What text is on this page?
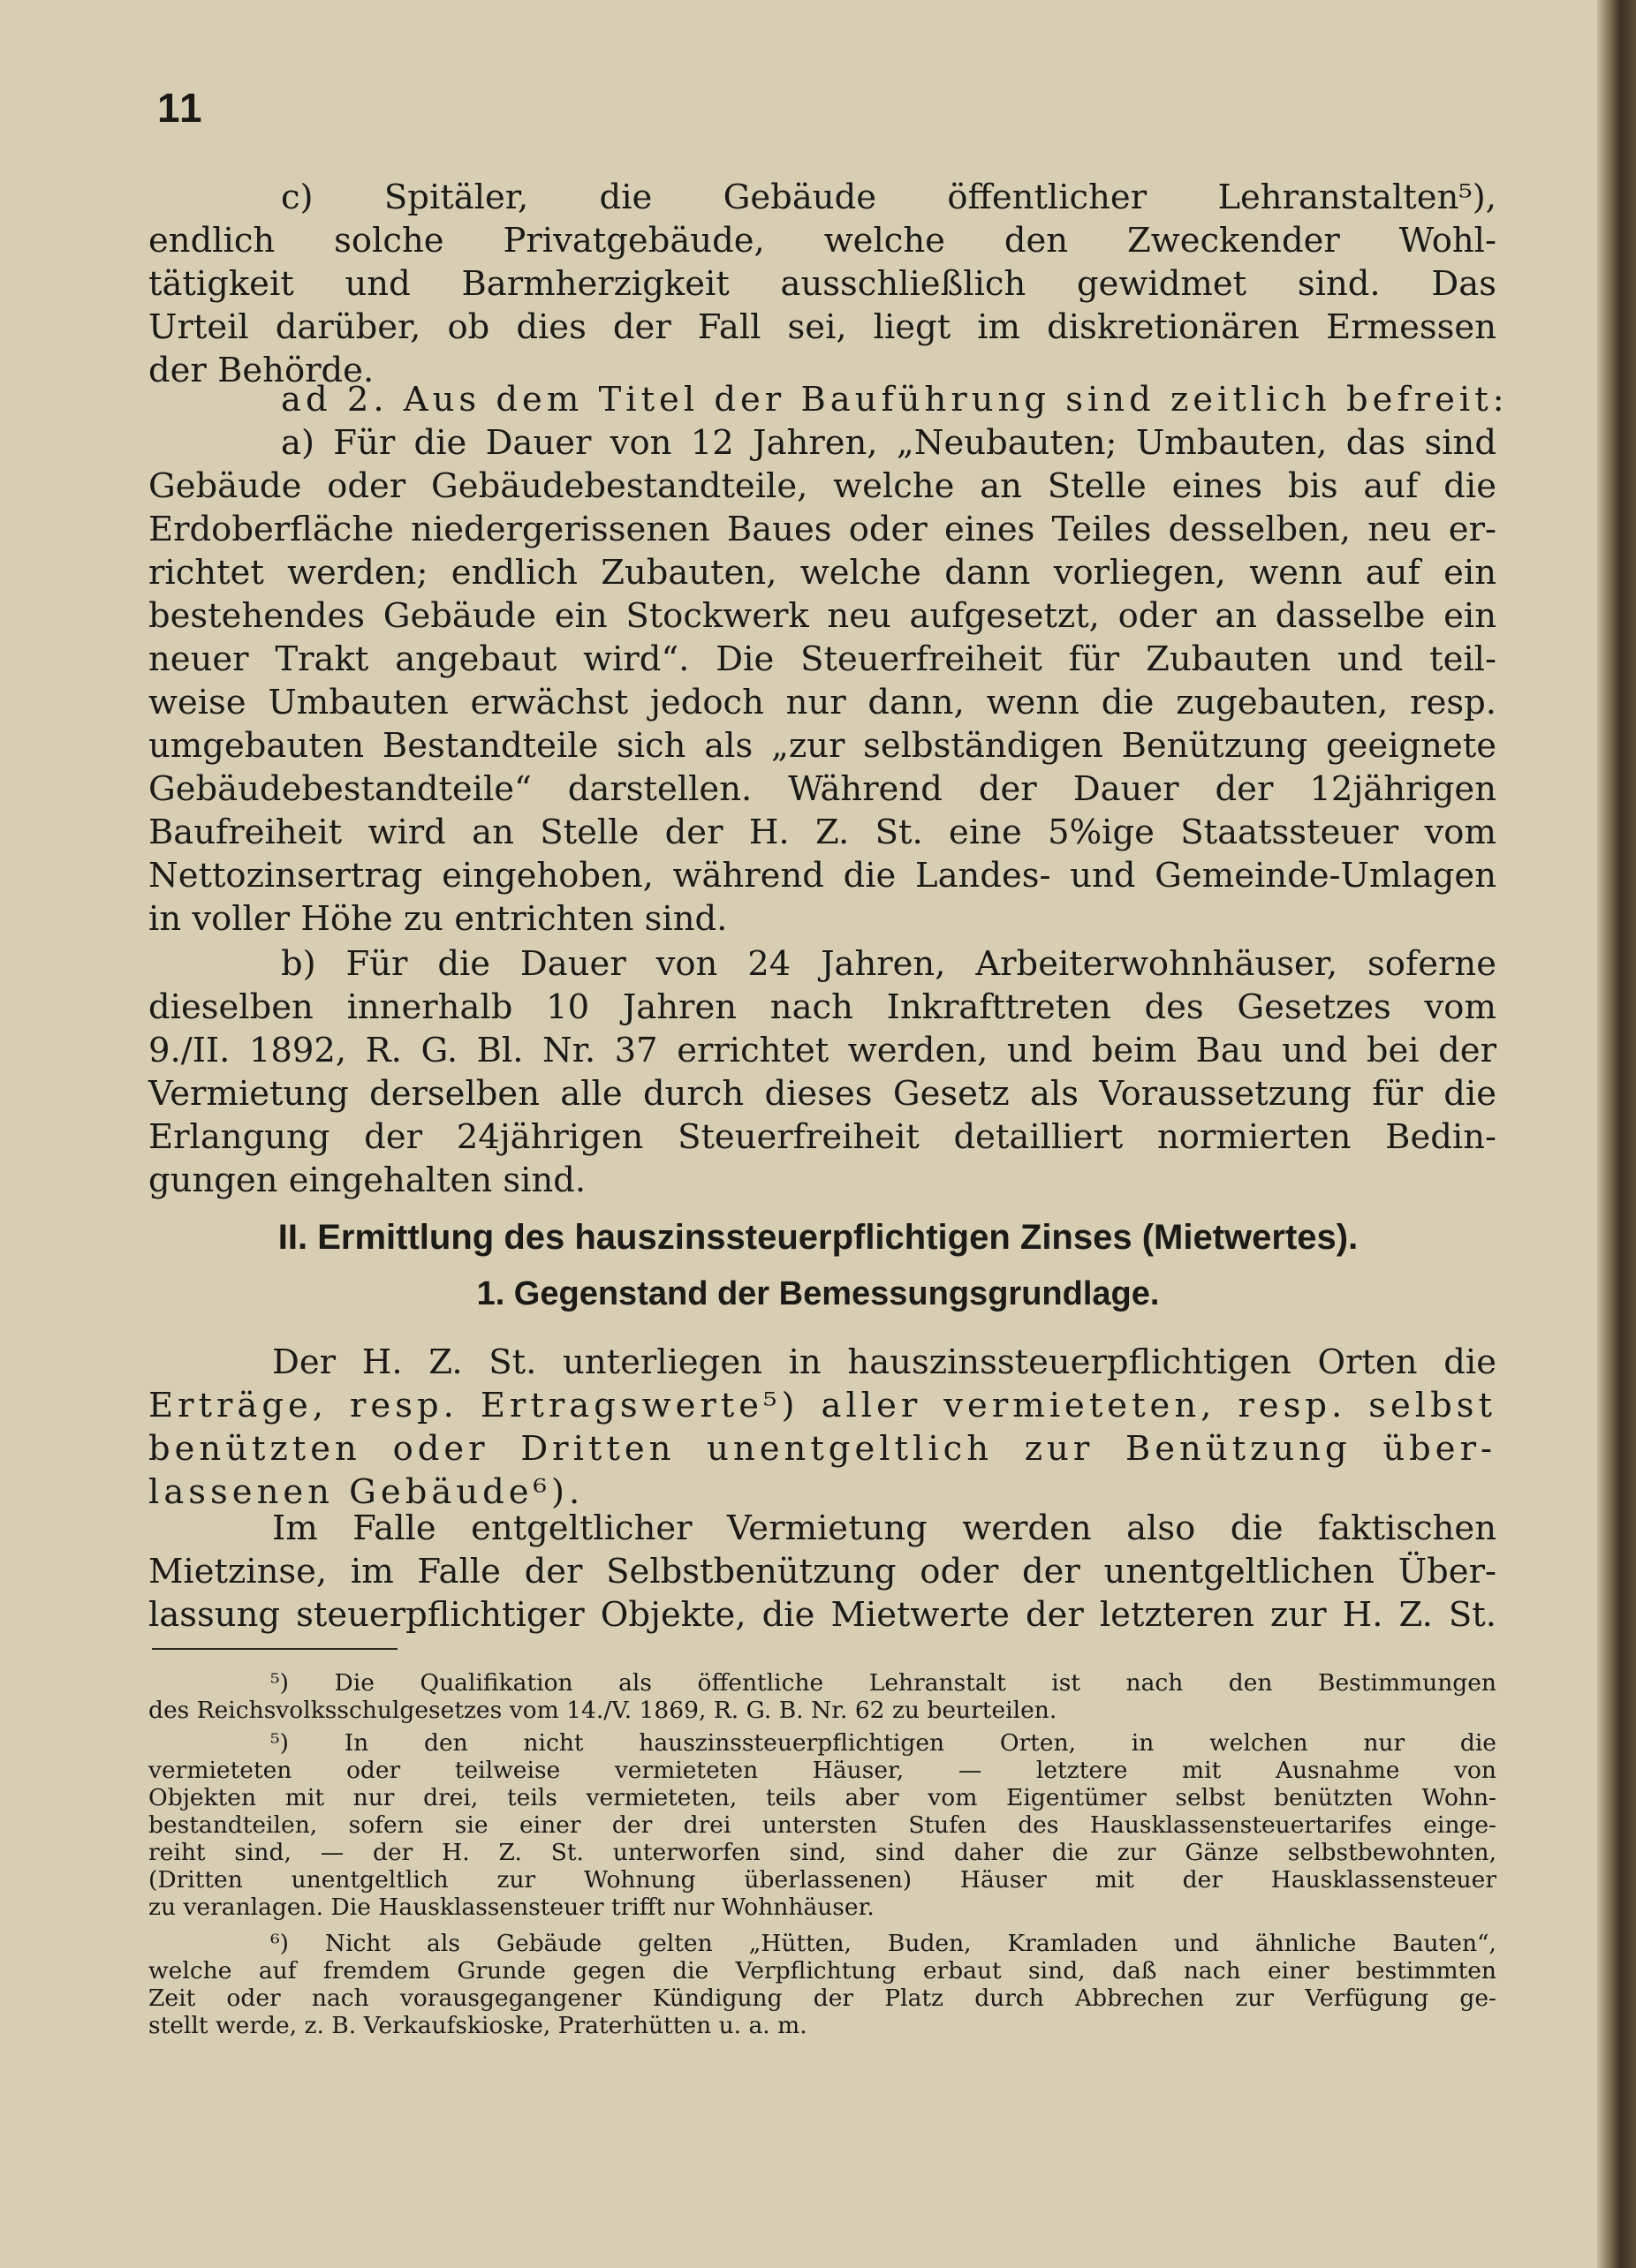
11
c) Spitäler, die Gebäude öffentlicher Lehranstalten⁵),
endlich solche Privatgebäude, welche den Zweckender Wohl-
tätigkeit und Barmherzigkeit ausschließlich gewidmet sind. Das
Urteil darüber, ob dies der Fall sei, liegt im diskretionären Ermessen
der Behörde.
ad 2. Aus dem Titel der Bauführung sind zeitlich befreit:
a) Für die Dauer von 12 Jahren, „Neubauten; Umbauten, das sind
Gebäude oder Gebäudebestandteile, welche an Stelle eines bis auf die
Erdoberfläche niedergerissenen Baues oder eines Teiles desselben, neu er-
richtet werden; endlich Zubauten, welche dann vorliegen, wenn auf ein
bestehendes Gebäude ein Stockwerk neu aufgesetzt, oder an dasselbe ein
neuer Trakt angebaut wird“. Die Steuerfreiheit für Zubauten und teil-
weise Umbauten erwächst jedoch nur dann, wenn die zugebauten, resp.
umgebauten Bestandteile sich als „zur selbständigen Benützung geeignete
Gebäudebestandteile“ darstellen. Während der Dauer der 12jährigen
Baufreiheit wird an Stelle der H. Z. St. eine 5%ige Staatssteuer vom
Nettozinsertrag eingehoben, während die Landes- und Gemeinde-Umlagen
in voller Höhe zu entrichten sind.
b) Für die Dauer von 24 Jahren, Arbeiterwohnhäuser, soferne
dieselben innerhalb 10 Jahren nach Inkrafttreten des Gesetzes vom
9./II. 1892, R. G. Bl. Nr. 37 errichtet werden, und beim Bau und bei der
Vermietung derselben alle durch dieses Gesetz als Voraussetzung für die
Erlangung der 24jährigen Steuerfreiheit detailliert normierten Bedin-
gungen eingehalten sind.
II. Ermittlung des hauszinssteuerpflichtigen Zinses (Mietwertes).
1. Gegenstand der Bemessungsgrundlage.
Der H. Z. St. unterliegen in hauszinssteuerpflichtigen Orten die
Erträge, resp. Ertragswerte⁵) aller vermieteten, resp. selbst
benützten oder Dritten unentgeltlich zur Benützung über-
lassenen Gebäude⁶).
Im Falle entgeltlicher Vermietung werden also die faktischen
Mietzinse, im Falle der Selbstbenützung oder der unentgeltlichen Über-
lassung steuerpflichtiger Objekte, die Mietwerte der letzteren zur H. Z. St.
⁵) Die Qualifikation als öffentliche Lehranstalt ist nach den Bestimmungen
des Reichsvolksschulgesetzes vom 14./V. 1869, R. G. B. Nr. 62 zu beurteilen.
⁵) In den nicht hauszinssteuerpflichtigen Orten, in welchen nur die
vermieteten oder teilweise vermieteten Häuser, — letztere mit Ausnahme von
Objekten mit nur drei, teils vermieteten, teils aber vom Eigentümer selbst benützten Wohn-
bestandteilen, sofern sie einer der drei untersten Stufen des Hausklassensteuertarifes einge-
reiht sind, — der H. Z. St. unterworfen sind, sind daher die zur Gänze selbstbewohnten,
(Dritten unentgeltlich zur Wohnung überlassenen) Häuser mit der Hausklassensteuer
zu veranlagen. Die Hausklassensteuer trifft nur Wohnhäuser.
⁶) Nicht als Gebäude gelten „Hütten, Buden, Kramladen und ähnliche Bauten“,
welche auf fremdem Grunde gegen die Verpflichtung erbaut sind, daß nach einer bestimmten
Zeit oder nach vorausgegangener Kündigung der Platz durch Abbrechen zur Verfügung ge-
stellt werde, z. B. Verkaufskioske, Praterhütten u. a. m.
